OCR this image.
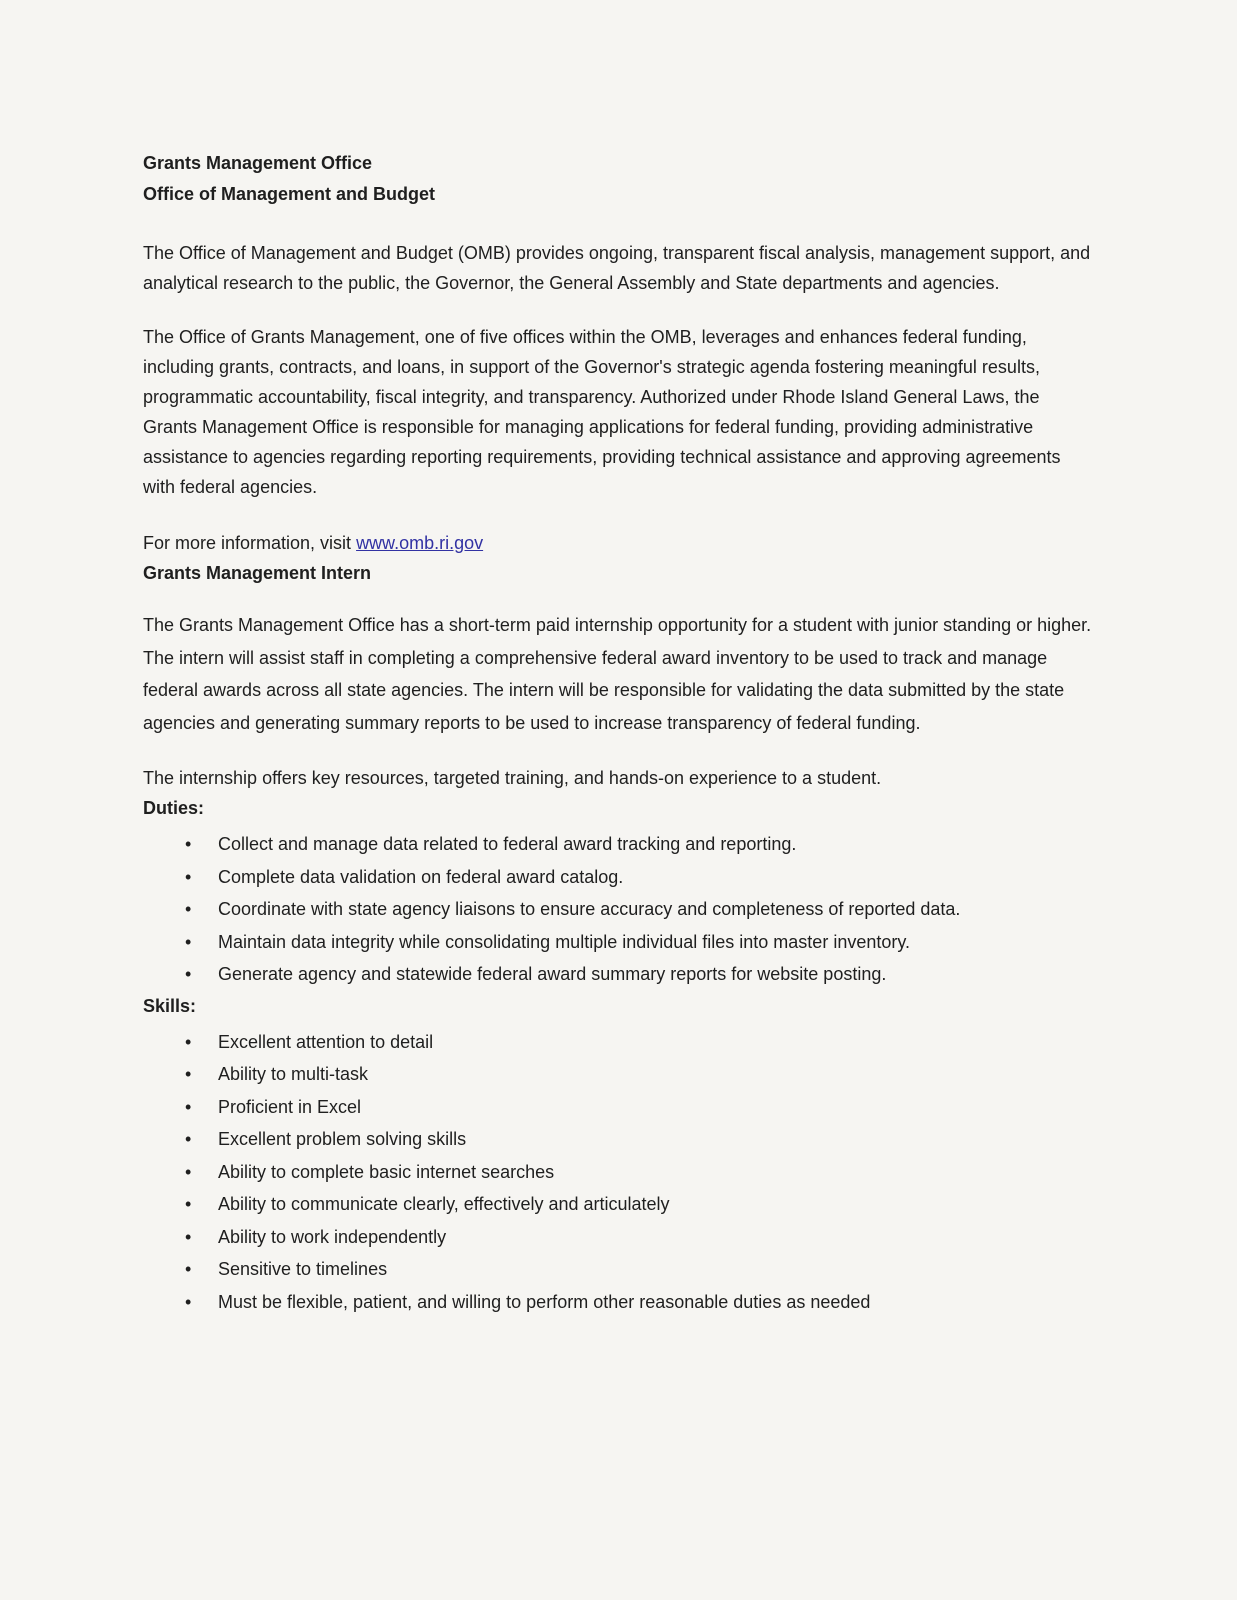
Grants Management Office
Office of Management and Budget

The Office of Management and Budget (OMB) provides ongoing, transparent fiscal analysis, management support, and analytical research to the public, the Governor, the General Assembly and State departments and agencies.

The Office of Grants Management, one of five offices within the OMB, leverages and enhances federal funding, including grants, contracts, and loans, in support of the Governor's strategic agenda fostering meaningful results, programmatic accountability, fiscal integrity, and transparency. Authorized under Rhode Island General Laws, the Grants Management Office is responsible for managing applications for federal funding, providing administrative assistance to agencies regarding reporting requirements, providing technical assistance and approving agreements with federal agencies.

For more information, visit www.omb.ri.gov

Grants Management Intern

The Grants Management Office has a short-term paid internship opportunity for a student with junior standing or higher. The intern will assist staff in completing a comprehensive federal award inventory to be used to track and manage federal awards across all state agencies. The intern will be responsible for validating the data submitted by the state agencies and generating summary reports to be used to increase transparency of federal funding.

The internship offers key resources, targeted training, and hands-on experience to a student.

Duties:

• Collect and manage data related to federal award tracking and reporting.
• Complete data validation on federal award catalog.
• Coordinate with state agency liaisons to ensure accuracy and completeness of reported data.
• Maintain data integrity while consolidating multiple individual files into master inventory.
• Generate agency and statewide federal award summary reports for website posting.

Skills:

• Excellent attention to detail
• Ability to multi-task
• Proficient in Excel
• Excellent problem solving skills
• Ability to complete basic internet searches
• Ability to communicate clearly, effectively and articulately
• Ability to work independently
• Sensitive to timelines
• Must be flexible, patient, and willing to perform other reasonable duties as needed
